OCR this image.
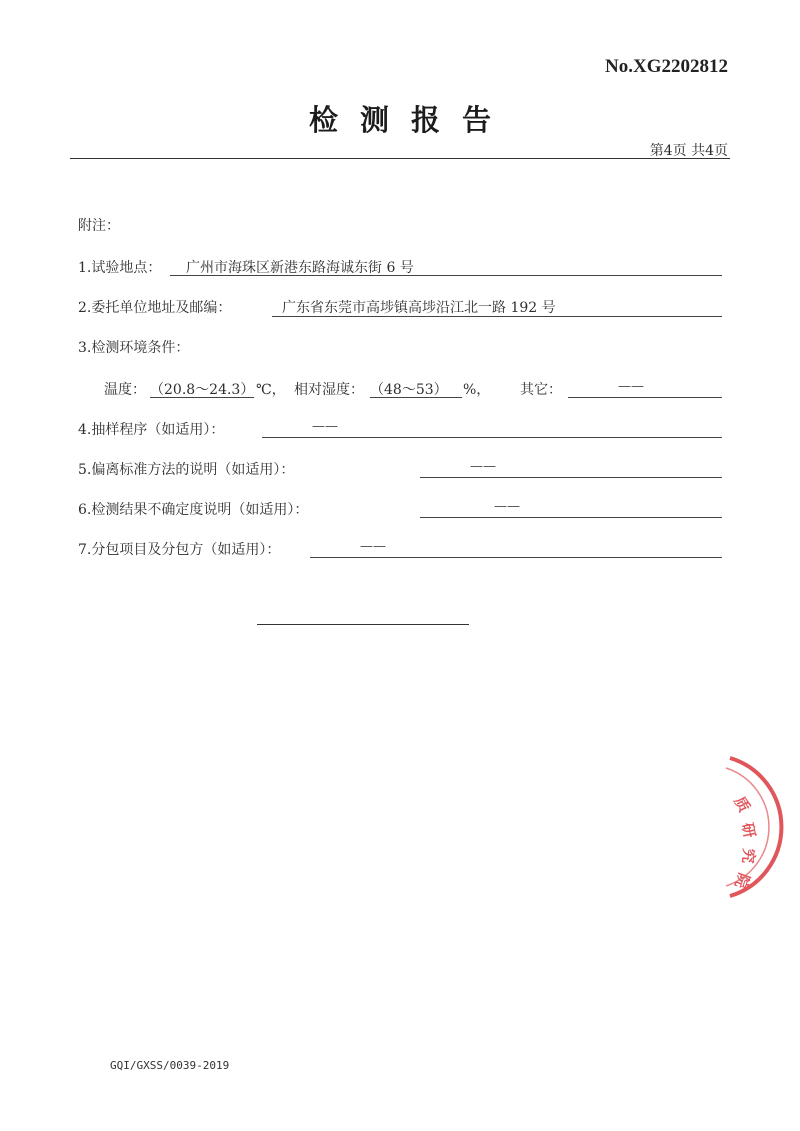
No.XG2202812
检测报告
第4页 共4页
附注：
1.试验地点： 广州市海珠区新港东路海诚东街 6 号
2.委托单位地址及邮编：	广东省东莞市高埗镇高埗沿江北一路 192 号
3.检测环境条件：
温度： （20.8～24.3） ℃， 相对湿度： （48～53） %， 其它：	——
4.抽样程序（如适用）：	——
5.偏离标准方法的说明（如适用）：	——
6.检测结果不确定度说明（如适用）：	——
7.分包项目及分包方（如适用）：	——
质
研
究
院
GQI/GXSS/0039-2019
